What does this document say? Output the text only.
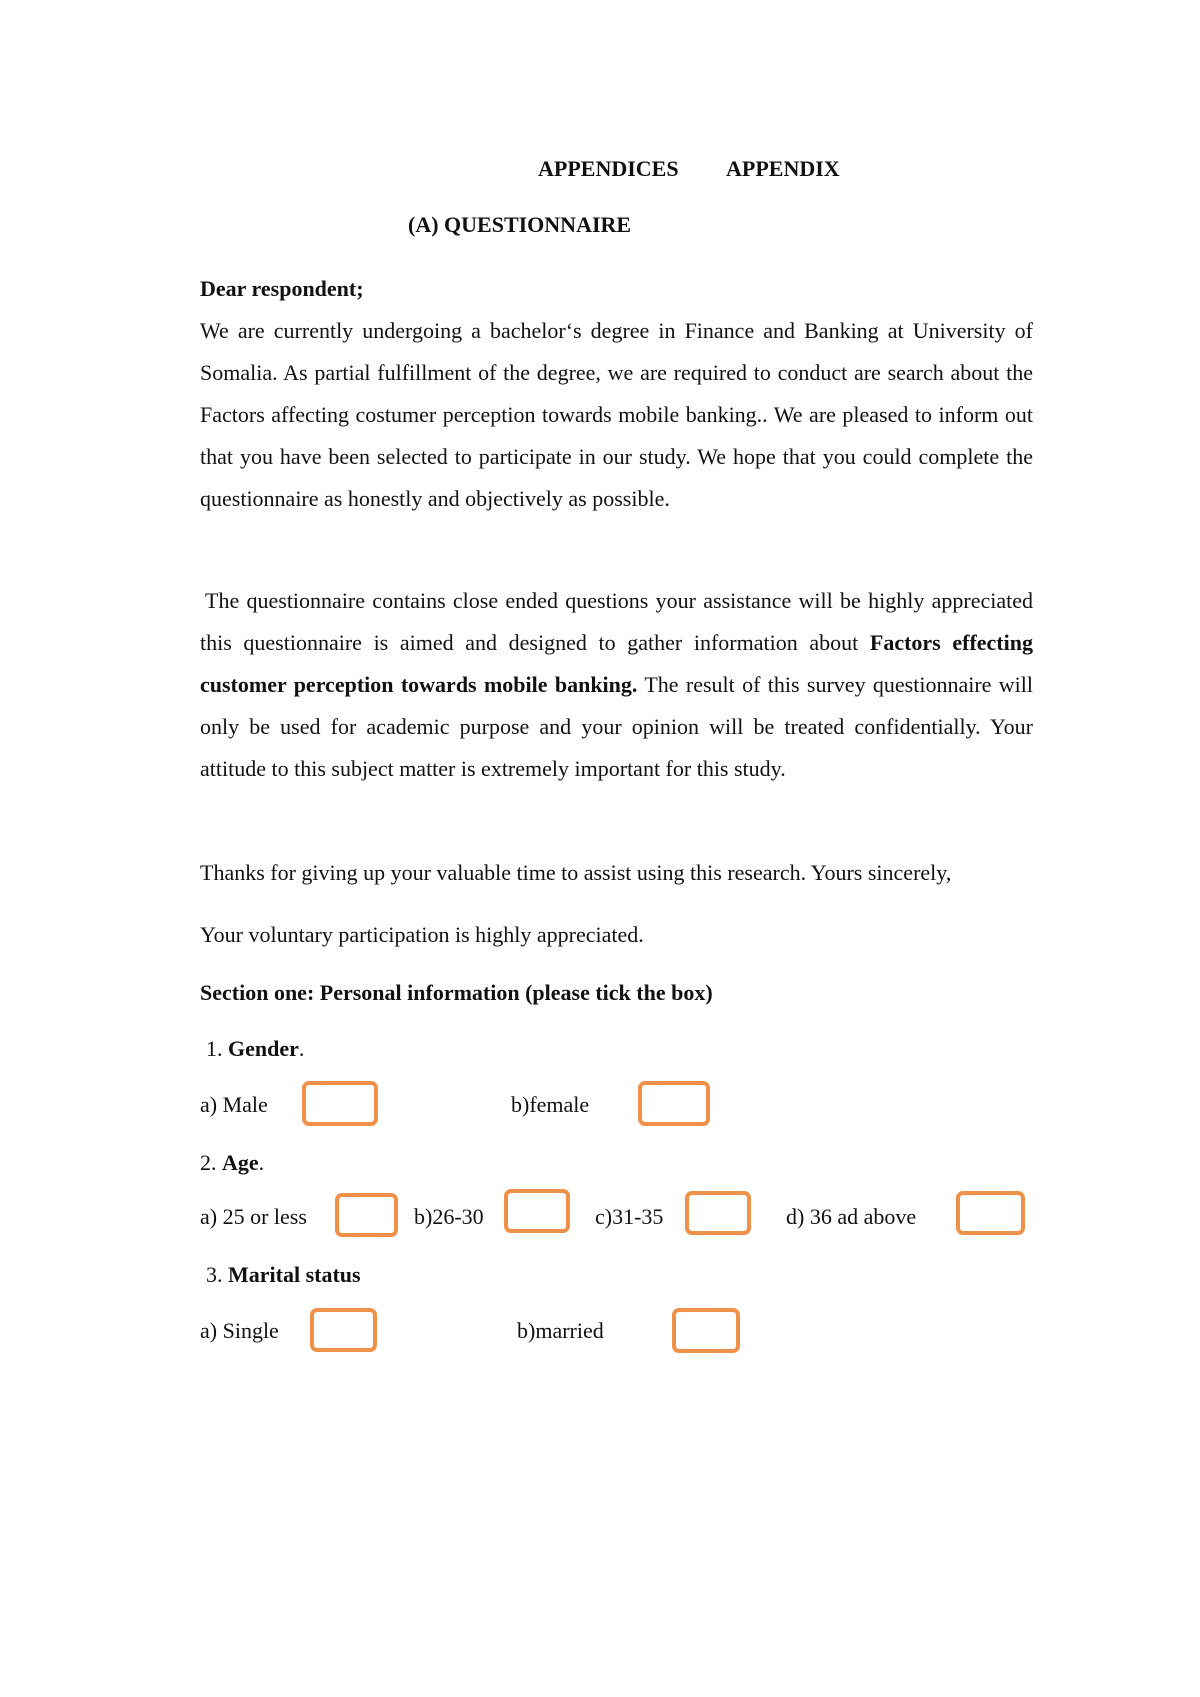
APPENDICES APPENDIX
(A) QUESTIONNAIRE
Dear respondent;

We are currently undergoing a bachelor‘s degree in Finance and Banking at University of Somalia. As partial fulfillment of the degree, we are required to conduct are search about the Factors affecting costumer perception towards mobile banking.. We are pleased to inform out that you have been selected to participate in our study. We hope that you could complete the questionnaire as honestly and objectively as possible.

The questionnaire contains close ended questions your assistance will be highly appreciated this questionnaire is aimed and designed to gather information about Factors effecting customer perception towards mobile banking. The result of this survey questionnaire will only be used for academic purpose and your opinion will be treated confidentially. Your attitude to this subject matter is extremely important for this study.

Thanks for giving up your valuable time to assist using this research. Yours sincerely,
Your voluntary participation is highly appreciated.
Section one: Personal information (please tick the box)
1. Gender.
a) Male	b)female
2. Age.
a) 25 or less	b)26-30	c)31-35	d) 36 ad above
3. Marital status
a) Single	b)married
